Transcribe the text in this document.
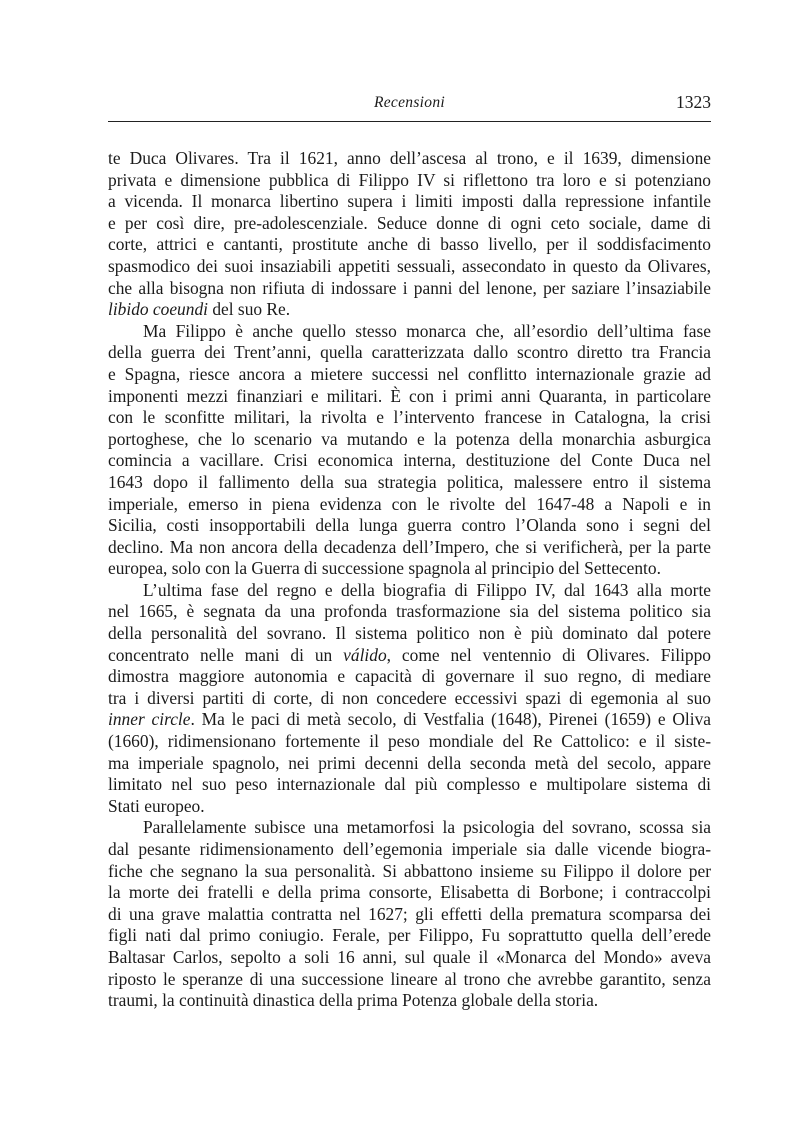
Recensioni	1323
te Duca Olivares. Tra il 1621, anno dell’ascesa al trono, e il 1639, dimensione
privata e dimensione pubblica di Filippo IV si riflettono tra loro e si potenziano
a vicenda. Il monarca libertino supera i limiti imposti dalla repressione infantile
e per così dire, pre-adolescenziale. Seduce donne di ogni ceto sociale, dame di
corte, attrici e cantanti, prostitute anche di basso livello, per il soddisfacimento
spasmodico dei suoi insaziabili appetiti sessuali, assecondato in questo da Olivares,
che alla bisogna non rifiuta di indossare i panni del lenone, per saziare l’insaziabile
libido coeundi del suo Re.
Ma Filippo è anche quello stesso monarca che, all’esordio dell’ultima fase
della guerra dei Trent’anni, quella caratterizzata dallo scontro diretto tra Francia
e Spagna, riesce ancora a mietere successi nel conflitto internazionale grazie ad
imponenti mezzi finanziari e militari. È con i primi anni Quaranta, in particolare
con le sconfitte militari, la rivolta e l’intervento francese in Catalogna, la crisi
portoghese, che lo scenario va mutando e la potenza della monarchia asburgica
comincia a vacillare. Crisi economica interna, destituzione del Conte Duca nel
1643 dopo il fallimento della sua strategia politica, malessere entro il sistema
imperiale, emerso in piena evidenza con le rivolte del 1647-48 a Napoli e in
Sicilia, costi insopportabili della lunga guerra contro l’Olanda sono i segni del
declino. Ma non ancora della decadenza dell’Impero, che si verificherà, per la parte
europea, solo con la Guerra di successione spagnola al principio del Settecento.
L’ultima fase del regno e della biografia di Filippo IV, dal 1643 alla morte
nel 1665, è segnata da una profonda trasformazione sia del sistema politico sia
della personalità del sovrano. Il sistema politico non è più dominato dal potere
concentrato nelle mani di un válido, come nel ventennio di Olivares. Filippo
dimostra maggiore autonomia e capacità di governare il suo regno, di mediare
tra i diversi partiti di corte, di non concedere eccessivi spazi di egemonia al suo
inner circle. Ma le paci di metà secolo, di Vestfalia (1648), Pirenei (1659) e Oliva
(1660), ridimensionano fortemente il peso mondiale del Re Cattolico: e il siste-
ma imperiale spagnolo, nei primi decenni della seconda metà del secolo, appare
limitato nel suo peso internazionale dal più complesso e multipolare sistema di
Stati europeo.
Parallelamente subisce una metamorfosi la psicologia del sovrano, scossa sia
dal pesante ridimensionamento dell’egemonia imperiale sia dalle vicende biogra-
fiche che segnano la sua personalità. Si abbattono insieme su Filippo il dolore per
la morte dei fratelli e della prima consorte, Elisabetta di Borbone; i contraccolpi
di una grave malattia contratta nel 1627; gli effetti della prematura scomparsa dei
figli nati dal primo coniugio. Ferale, per Filippo, Fu soprattutto quella dell’erede
Baltasar Carlos, sepolto a soli 16 anni, sul quale il «Monarca del Mondo» aveva
riposto le speranze di una successione lineare al trono che avrebbe garantito, senza
traumi, la continuità dinastica della prima Potenza globale della storia.
